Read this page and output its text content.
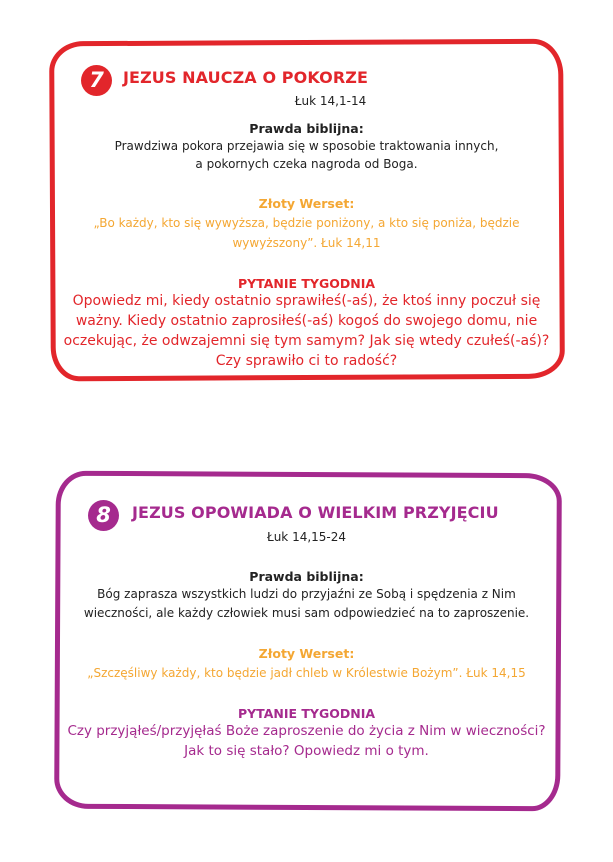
7	JEZUS NAUCZA O POKORZE
Łuk 14,1-14
Prawda biblijna:
Prawdziwa pokora przejawia się w sposobie traktowania innych,
a pokornych czeka nagroda od Boga.
Złoty Werset:
„Bo każdy, kto się wywyższa, będzie poniżony, a kto się poniża, będzie
wywyższony”. Łuk 14,11
PYTANIE TYGODNIA
Opowiedz mi, kiedy ostatnio sprawiłeś(-aś), że ktoś inny poczuł się
ważny. Kiedy ostatnio zaprosiłeś(-aś) kogoś do swojego domu, nie
oczekując, że odwzajemni się tym samym? Jak się wtedy czułeś(-aś)?
Czy sprawiło ci to radość?
8	JEZUS OPOWIADA O WIELKIM PRZYJĘCIU
Łuk 14,15-24
Prawda biblijna:
Bóg zaprasza wszystkich ludzi do przyjaźni ze Sobą i spędzenia z Nim
wieczności, ale każdy człowiek musi sam odpowiedzieć na to zaproszenie.
Złoty Werset:
„Szczęśliwy każdy, kto będzie jadł chleb w Królestwie Bożym”. Łuk 14,15
PYTANIE TYGODNIA
Czy przyjąłeś/przyjęłaś Boże zaproszenie do życia z Nim w wieczności?
Jak to się stało? Opowiedz mi o tym.
